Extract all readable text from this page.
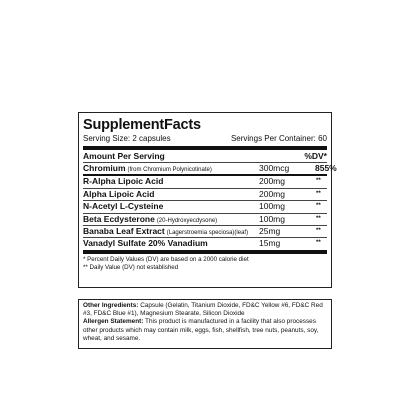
SupplementFacts
Serving Size: 2 capsules	Servings Per Container: 60
Amount Per Serving	%DV*
Chromium (from Chromium Polynicotinate)	300mcg	855%
R-Alpha Lipoic Acid	200mg	**
Alpha Lipoic Acid	200mg	**
N-Acetyl L-Cysteine	100mg	**
Beta Ecdysterone (20-Hydroxyecdysone)	100mg	**
Banaba Leaf Extract (Lagerstroemia speciosa)(leaf) 25mg	**
Vanadyl Sulfate 20% Vanadium	15mg	**
* Percent Daily Values (DV) are based on a 2000 calorie diet
** Daily Value (DV) not established
Other Ingredients: Capsule (Gelatin, Titanium Dioxide, FD&C Yellow #6, FD&C Red #3, FD&C Blue #1), Magnesium Stearate, Silicon Dioxide
Allergen Statement: This product is manufactured in a facility that also processes other products which may contain milk, eggs, fish, shellfish, tree nuts, peanuts, soy, wheat, and sesame.
